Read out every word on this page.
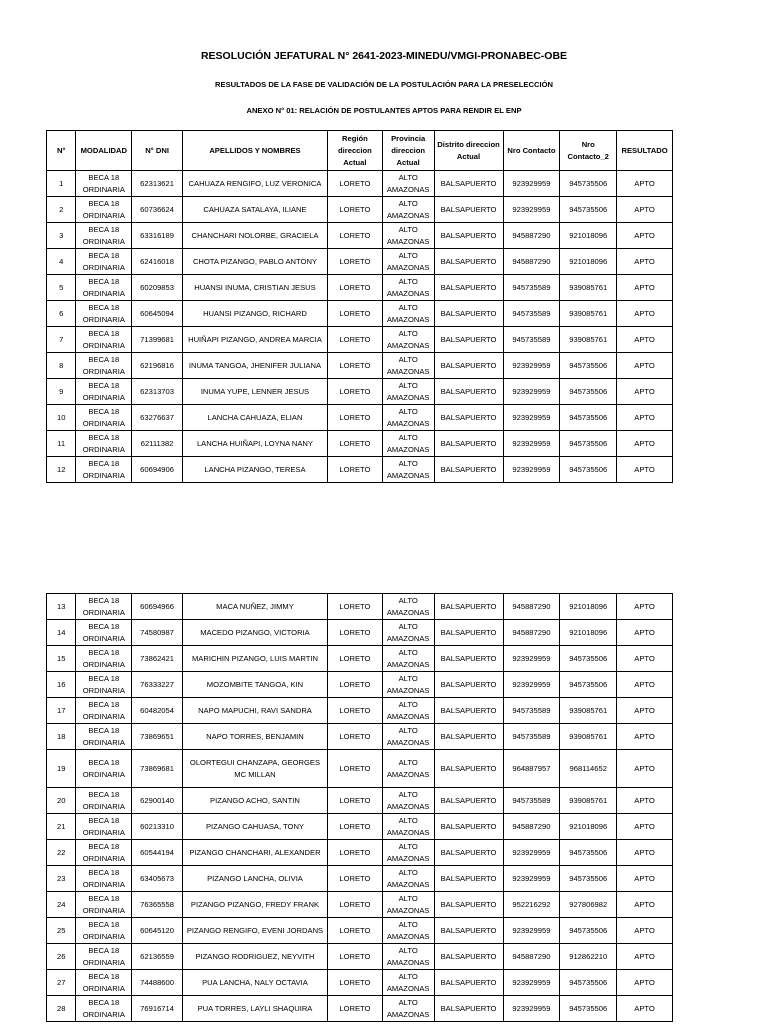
RESOLUCIÓN JEFATURAL N° 2641-2023-MINEDU/VMGI-PRONABEC-OBE
RESULTADOS DE LA FASE DE VALIDACIÓN DE LA POSTULACIÓN PARA LA PRESELECCIÓN
ANEXO N° 01: RELACIÓN DE POSTULANTES APTOS PARA RENDIR EL ENP
N°	MODALIDAD	N° DNI	APELLIDOS Y NOMBRES	Región direccion Actual	Provincia direccion Actual	Distrito direccion Actual	Nro Contacto	Nro Contacto_2	RESULTADO
1	BECA 18 ORDINARIA	62313621	CAHUAZA RENGIFO, LUZ VERONICA	LORETO	ALTO AMAZONAS	BALSAPUERTO	923929959	945735506	APTO
2	BECA 18 ORDINARIA	60736624	CAHUAZA SATALAYA, ILIANE	LORETO	ALTO AMAZONAS	BALSAPUERTO	923929959	945735506	APTO
3	BECA 18 ORDINARIA	63316189	CHANCHARI NOLORBE, GRACIELA	LORETO	ALTO AMAZONAS	BALSAPUERTO	945887290	921018096	APTO
4	BECA 18 ORDINARIA	62416018	CHOTA PIZANGO, PABLO ANTONY	LORETO	ALTO AMAZONAS	BALSAPUERTO	945887290	921018096	APTO
5	BECA 18 ORDINARIA	60209853	HUANSI INUMA, CRISTIAN JESUS	LORETO	ALTO AMAZONAS	BALSAPUERTO	945735589	939085761	APTO
6	BECA 18 ORDINARIA	60645094	HUANSI PIZANGO, RICHARD	LORETO	ALTO AMAZONAS	BALSAPUERTO	945735589	939085761	APTO
7	BECA 18 ORDINARIA	71399681	HUIÑAPI PIZANGO, ANDREA MARCIA	LORETO	ALTO AMAZONAS	BALSAPUERTO	945735589	939085761	APTO
8	BECA 18 ORDINARIA	62196816	INUMA TANGOA, JHENIFER JULIANA	LORETO	ALTO AMAZONAS	BALSAPUERTO	923929959	945735506	APTO
9	BECA 18 ORDINARIA	62313703	INUMA YUPE, LENNER JESUS	LORETO	ALTO AMAZONAS	BALSAPUERTO	923929959	945735506	APTO
10	BECA 18 ORDINARIA	63276637	LANCHA CAHUAZA, ELIAN	LORETO	ALTO AMAZONAS	BALSAPUERTO	923929959	945735506	APTO
11	BECA 18 ORDINARIA	62111382	LANCHA HUIÑAPI, LOYNA NANY	LORETO	ALTO AMAZONAS	BALSAPUERTO	923929959	945735506	APTO
12	BECA 18 ORDINARIA	60694906	LANCHA PIZANGO, TERESA	LORETO	ALTO AMAZONAS	BALSAPUERTO	923929959	945735506	APTO
13	BECA 18 ORDINARIA	60694966	MACA NUÑEZ, JIMMY	LORETO	ALTO AMAZONAS	BALSAPUERTO	945887290	921018096	APTO
14	BECA 18 ORDINARIA	74580987	MACEDO PIZANGO, VICTORIA	LORETO	ALTO AMAZONAS	BALSAPUERTO	945887290	921018096	APTO
15	BECA 18 ORDINARIA	73862421	MARICHIN PIZANGO, LUIS MARTIN	LORETO	ALTO AMAZONAS	BALSAPUERTO	923929959	945735506	APTO
16	BECA 18 ORDINARIA	76333227	MOZOMBITE TANGOA, KIN	LORETO	ALTO AMAZONAS	BALSAPUERTO	923929959	945735506	APTO
17	BECA 18 ORDINARIA	60482054	NAPO MAPUCHI, RAVI SANDRA	LORETO	ALTO AMAZONAS	BALSAPUERTO	945735589	939085761	APTO
18	BECA 18 ORDINARIA	73869651	NAPO TORRES, BENJAMIN	LORETO	ALTO AMAZONAS	BALSAPUERTO	945735589	939085761	APTO
19	BECA 18 ORDINARIA	73869681	OLORTEGUI CHANZAPA, GEORGES MC MILLAN	LORETO	ALTO AMAZONAS	BALSAPUERTO	964887957	968114652	APTO
20	BECA 18 ORDINARIA	62900140	PIZANGO ACHO, SANTIN	LORETO	ALTO AMAZONAS	BALSAPUERTO	945735589	939085761	APTO
21	BECA 18 ORDINARIA	60213310	PIZANGO CAHUASA, TONY	LORETO	ALTO AMAZONAS	BALSAPUERTO	945887290	921018096	APTO
22	BECA 18 ORDINARIA	60544194	PIZANGO CHANCHARI, ALEXANDER	LORETO	ALTO AMAZONAS	BALSAPUERTO	923929959	945735506	APTO
23	BECA 18 ORDINARIA	63405673	PIZANGO LANCHA, OLIVIA	LORETO	ALTO AMAZONAS	BALSAPUERTO	923929959	945735506	APTO
24	BECA 18 ORDINARIA	76365558	PIZANGO PIZANGO, FREDY FRANK	LORETO	ALTO AMAZONAS	BALSAPUERTO	952216292	927806982	APTO
25	BECA 18 ORDINARIA	60645120	PIZANGO RENGIFO, EVENI JORDANS	LORETO	ALTO AMAZONAS	BALSAPUERTO	923929959	945735506	APTO
26	BECA 18 ORDINARIA	62136559	PIZANGO RODRIGUEZ, NEYVITH	LORETO	ALTO AMAZONAS	BALSAPUERTO	945887290	912862210	APTO
27	BECA 18 ORDINARIA	74488600	PUA LANCHA, NALY OCTAVIA	LORETO	ALTO AMAZONAS	BALSAPUERTO	923929959	945735506	APTO
28	BECA 18 ORDINARIA	76916714	PUA TORRES, LAYLI SHAQUIRA	LORETO	ALTO AMAZONAS	BALSAPUERTO	923929959	945735506	APTO
